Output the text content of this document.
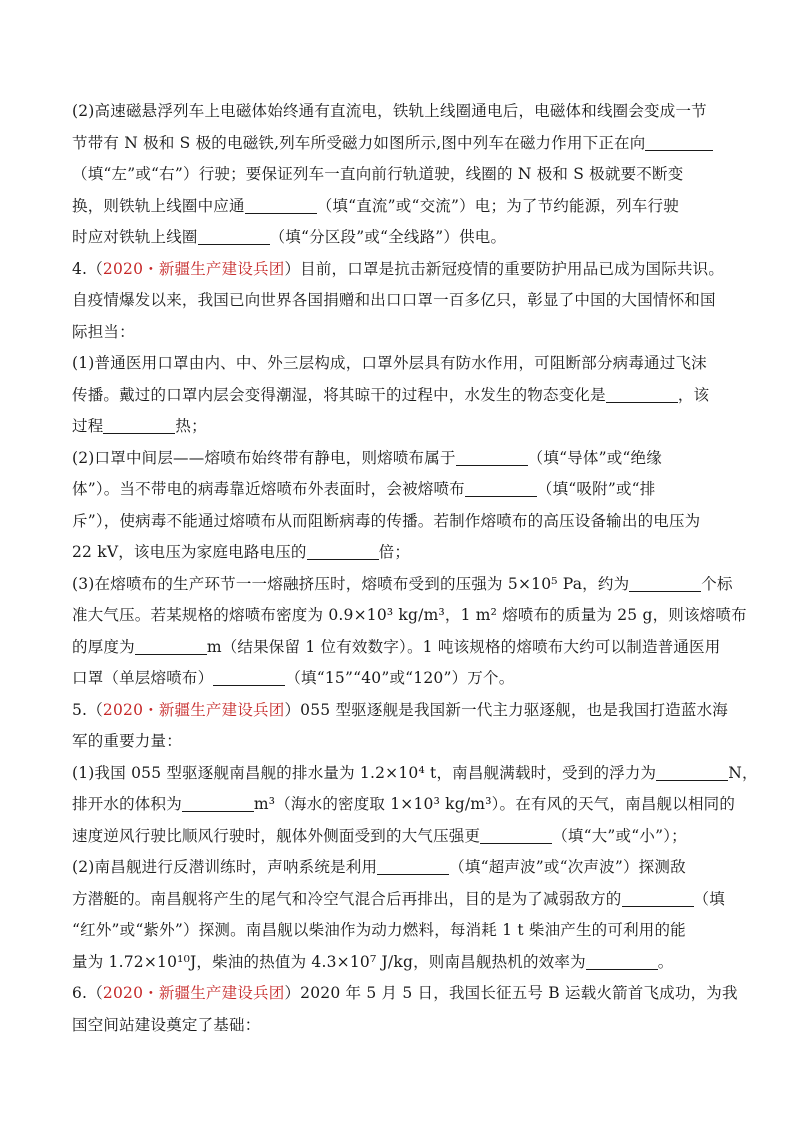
(2)高速磁悬浮列车上电磁体始终通有直流电，铁轨上线圈通电后，电磁体和线圈会变成一节
节带有 N 极和 S 极的电磁铁,列车所受磁力如图所示,图中列车在磁力作用下正在向
（填“左”或“右”）行驶；要保证列车一直向前行轨道驶，线圈的 N 极和 S 极就要不断变
换，则铁轨上线圈中应通	（填“直流”或“交流”）电；为了节约能源，列车行驶
时应对铁轨上线圈	（填“分区段”或“全线路”）供电。
4.（2020・新疆生产建设兵团）目前，口罩是抗击新冠疫情的重要防护用品已成为国际共识。
自疫情爆发以来，我国已向世界各国捐赠和出口口罩一百多亿只，彰显了中国的大国情怀和国
际担当：
(1)普通医用口罩由内、中、外三层构成，口罩外层具有防水作用，可阻断部分病毒通过飞沫
传播。戴过的口罩内层会变得潮湿，将其晾干的过程中，水发生的物态变化是	，该
过程	热；
(2)口罩中间层——熔喷布始终带有静电，则熔喷布属于	（填“导体”或“绝缘
体”）。当不带电的病毒靠近熔喷布外表面时，会被熔喷布	（填“吸附”或“排
斥”），使病毒不能通过熔喷布从而阻断病毒的传播。若制作熔喷布的高压设备输出的电压为
22 kV，该电压为家庭电路电压的	倍；
(3)在熔喷布的生产环节一一熔融挤压时，熔喷布受到的压强为 5×10⁵ Pa，约为	个标
准大气压。若某规格的熔喷布密度为 0.9×10³ kg/m³，1 m² 熔喷布的质量为 25 g，则该熔喷布
的厚度为	m（结果保留 1 位有效数字）。1 吨该规格的熔喷布大约可以制造普通医用
口罩（单层熔喷布）	（填“15”“40”或“120”）万个。
5.（2020・新疆生产建设兵团）055 型驱逐舰是我国新一代主力驱逐舰，也是我国打造蓝水海
军的重要力量：
(1)我国 055 型驱逐舰南昌舰的排水量为 1.2×10⁴ t，南昌舰满载时，受到的浮力为	N，
排开水的体积为	m³（海水的密度取 1×10³ kg/m³）。在有风的天气，南昌舰以相同的
速度逆风行驶比顺风行驶时，舰体外侧面受到的大气压强更	（填“大”或“小”）；
(2)南昌舰进行反潜训练时，声呐系统是利用	（填“超声波”或“次声波”）探测敌
方潜艇的。南昌舰将产生的尾气和冷空气混合后再排出，目的是为了减弱敌方的	（填
“红外”或“紫外”）探测。南昌舰以柴油作为动力燃料，每消耗 1 t 柴油产生的可利用的能
量为 1.72×10¹⁰J，柴油的热值为 4.3×10⁷ J/kg，则南昌舰热机的效率为	。
6.（2020・新疆生产建设兵团）2020 年 5 月 5 日，我国长征五号 B 运载火箭首飞成功，为我
国空间站建设奠定了基础：
